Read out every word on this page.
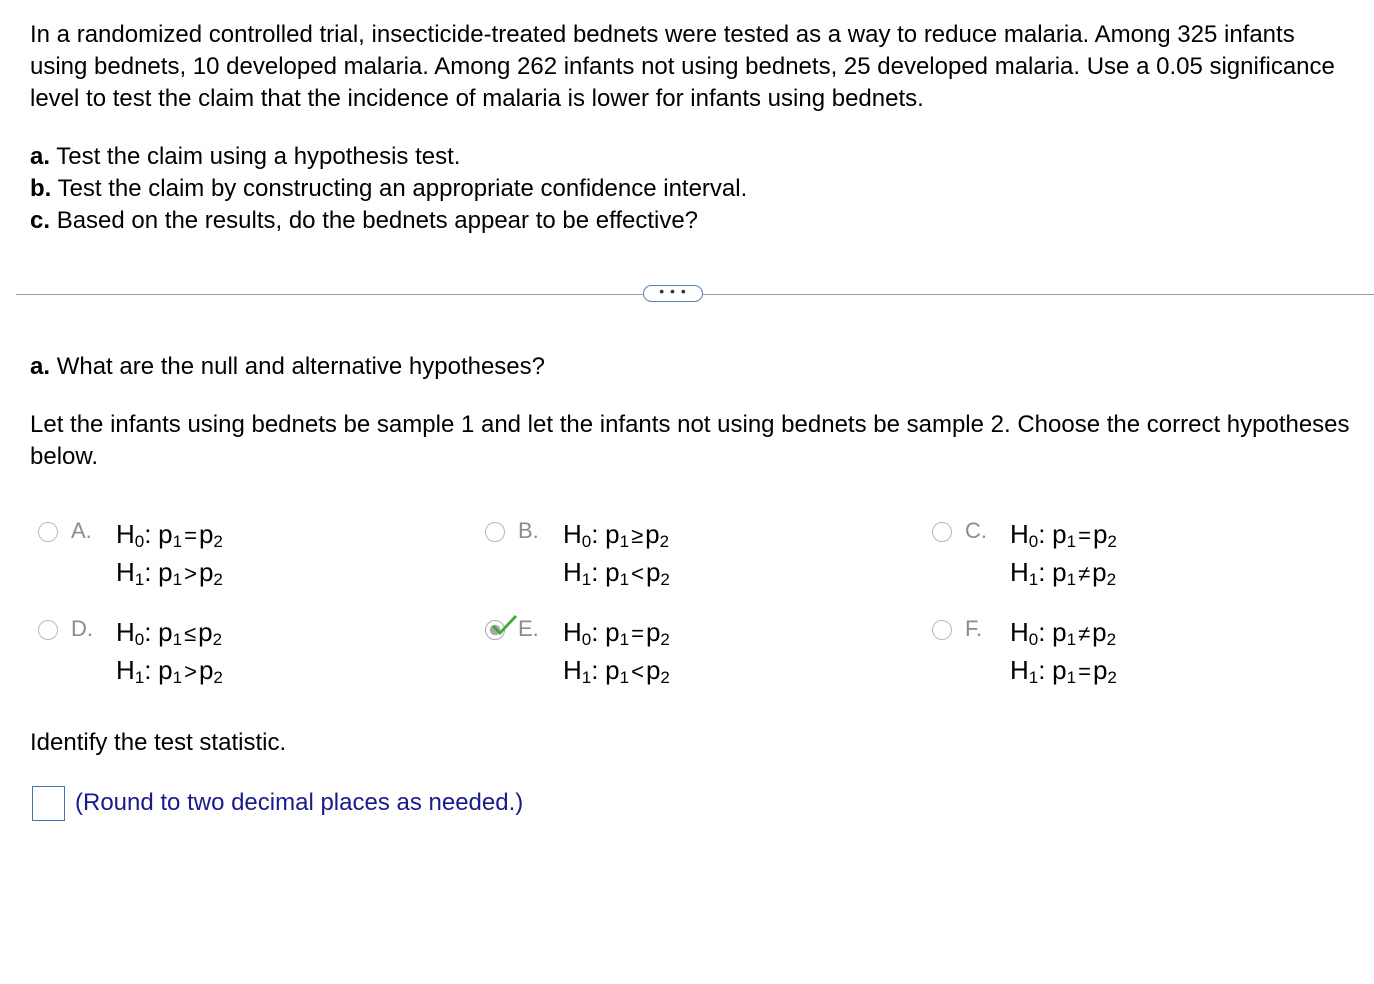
In a randomized controlled trial, insecticide-treated bednets were tested as a way to reduce malaria. Among 325 infants using bednets, 10 developed malaria. Among 262 infants not using bednets, 25 developed malaria. Use a 0.05 significance level to test the claim that the incidence of malaria is lower for infants using bednets.

a. Test the claim using a hypothesis test.

b. Test the claim by constructing an appropriate confidence interval.

c. Based on the results, do the bednets appear to be effective?

• • •

a. What are the null and alternative hypotheses?

Let the infants using bednets be sample 1 and let the infants not using bednets be sample 2. Choose the correct hypotheses below.

A. $H_0$: $p_1=p_2$
$H_1$: $p_1>p_2$
B. $H_0$: $p_1\ge p_2$
$H_1$: $p_1<p_2$
C. $H_0$: $p_1=p_2$
$H_1$: $p_1\ne p_2$
D. $H_0$: $p_1\le p_2$
$H_1$: $p_1>p_2$
E. $H_0$: $p_1=p_2$
$H_1$: $p_1<p_2$
F. $H_0$: $p_1\ne p_2$
$H_1$: $p_1=p_2$

Identify the test statistic.

(Round to two decimal places as needed.)
